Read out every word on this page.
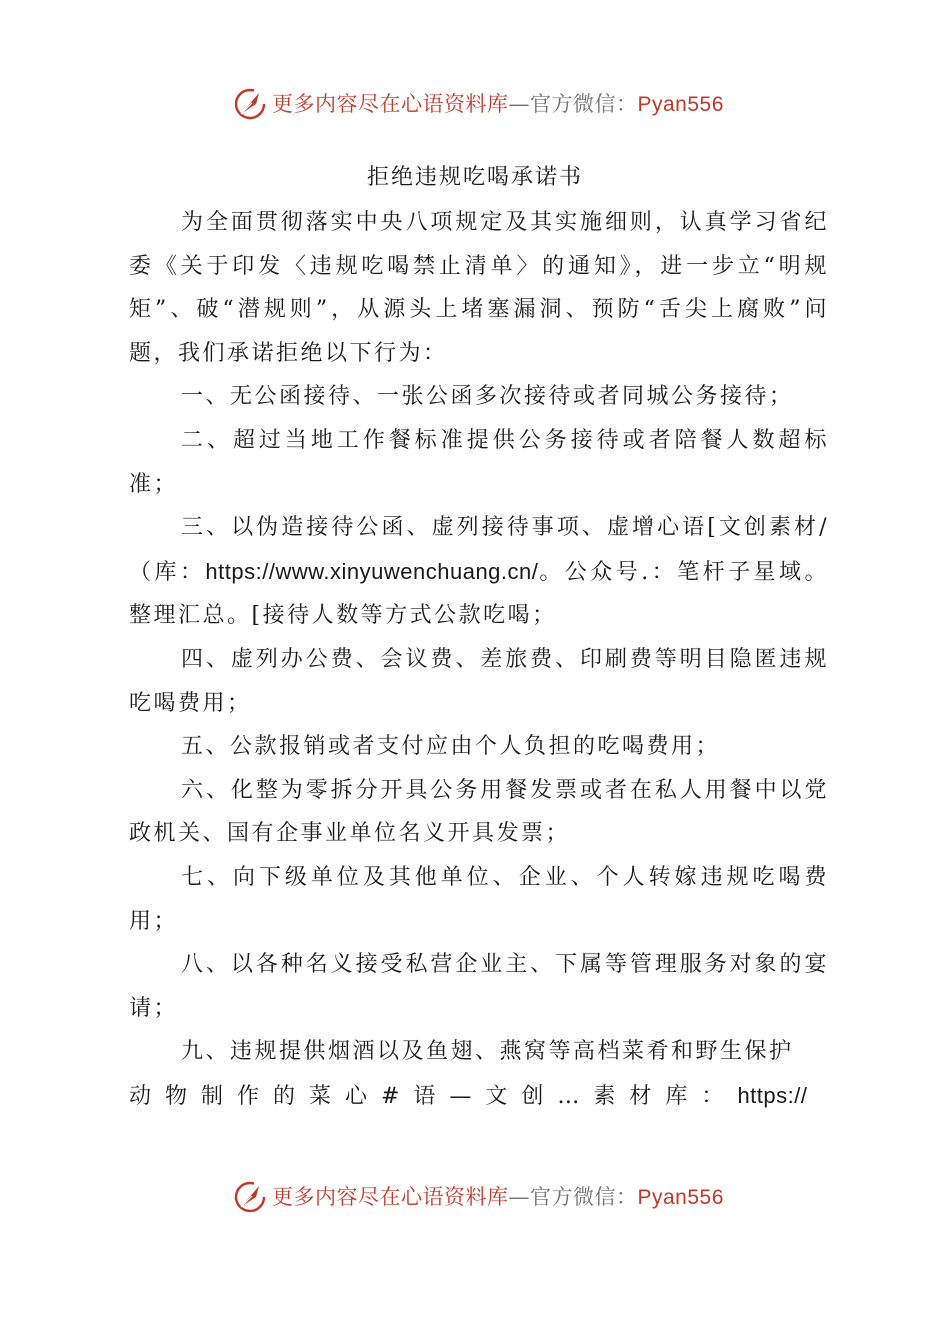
更多内容尽在心语资料库—官方微信：Pyan556
拒绝违规吃喝承诺书

为全面贯彻落实中央八项规定及其实施细则，认真学习省纪委《关于印发〈违规吃喝禁止清单〉的通知》，进一步立“明规矩”、破“潜规则”，从源头上堵塞漏洞、预防“舌尖上腐败”问题，我们承诺拒绝以下行为：

一、无公函接待、一张公函多次接待或者同城公务接待；

二、超过当地工作餐标准提供公务接待或者陪餐人数超标准；

三、以伪造接待公函、虚列接待事项、虚增心语[文创素材/（库：https://www.xinyuwenchuang.cn/。公众号.：笔杆子星域。整理汇总。[接待人数等方式公款吃喝；

四、虚列办公费、会议费、差旅费、印刷费等明目隐匿违规吃喝费用；

五、公款报销或者支付应由个人负担的吃喝费用；

六、化整为零拆分开具公务用餐发票或者在私人用餐中以党政机关、国有企事业单位名义开具发票；

七、向下级单位及其他单位、企业、个人转嫁违规吃喝费用；

八、以各种名义接受私营企业主、下属等管理服务对象的宴请；

九、违规提供烟酒以及鱼翅、燕窝等高档菜肴和野生保护

动物制作的菜心#语—文创…素材库：https://

更多内容尽在心语资料库—官方微信：Pyan556
